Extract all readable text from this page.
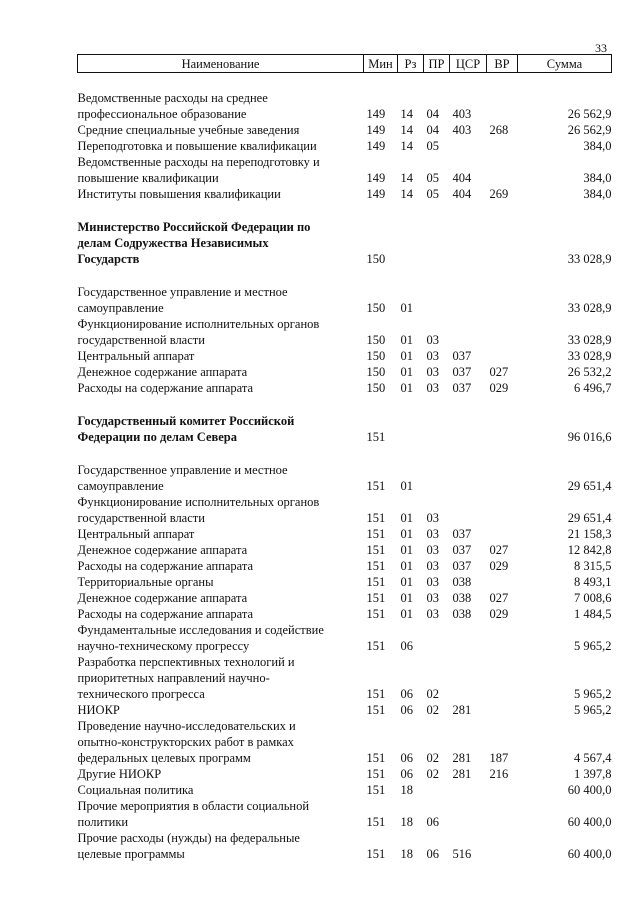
33
Наименование	Мин	Рз	ПР	ЦСР	ВР	Сумма

Ведомственные расходы на среднее
профессиональное образование	149	14	04	403		26 562,9
Средние специальные учебные заведения	149	14	04	403	268	26 562,9
Переподготовка и повышение квалификации	149	14	05			384,0
Ведомственные расходы на переподготовку и
повышение квалификации	149	14	05	404		384,0
Институты повышения квалификации	149	14	05	404	269	384,0

Министерство Российской Федерации по
делам Содружества Независимых
Государств	150					33 028,9

Государственное управление и местное
самоуправление	150	01				33 028,9
Функционирование исполнительных органов
государственной власти	150	01	03			33 028,9
Центральный аппарат	150	01	03	037		33 028,9
Денежное содержание аппарата	150	01	03	037	027	26 532,2
Расходы на содержание аппарата	150	01	03	037	029	6 496,7

Государственный комитет Российской
Федерации по делам Севера	151					96 016,6

Государственное управление и местное
самоуправление	151	01				29 651,4
Функционирование исполнительных органов
государственной власти	151	01	03			29 651,4
Центральный аппарат	151	01	03	037		21 158,3
Денежное содержание аппарата	151	01	03	037	027	12 842,8
Расходы на содержание аппарата	151	01	03	037	029	8 315,5
Территориальные органы	151	01	03	038		8 493,1
Денежное содержание аппарата	151	01	03	038	027	7 008,6
Расходы на содержание аппарата	151	01	03	038	029	1 484,5
Фундаментальные исследования и содействие
научно-техническому прогрессу	151	06				5 965,2
Разработка перспективных технологий и
приоритетных направлений научно-
технического прогресса	151	06	02			5 965,2
НИОКР	151	06	02	281		5 965,2
Проведение научно-исследовательских и
опытно-конструкторских работ в рамках
федеральных целевых программ	151	06	02	281	187	4 567,4
Другие НИОКР	151	06	02	281	216	1 397,8
Социальная политика	151	18				60 400,0
Прочие мероприятия в области социальной
политики	151	18	06			60 400,0
Прочие расходы (нужды) на федеральные
целевые программы	151	18	06	516		60 400,0
